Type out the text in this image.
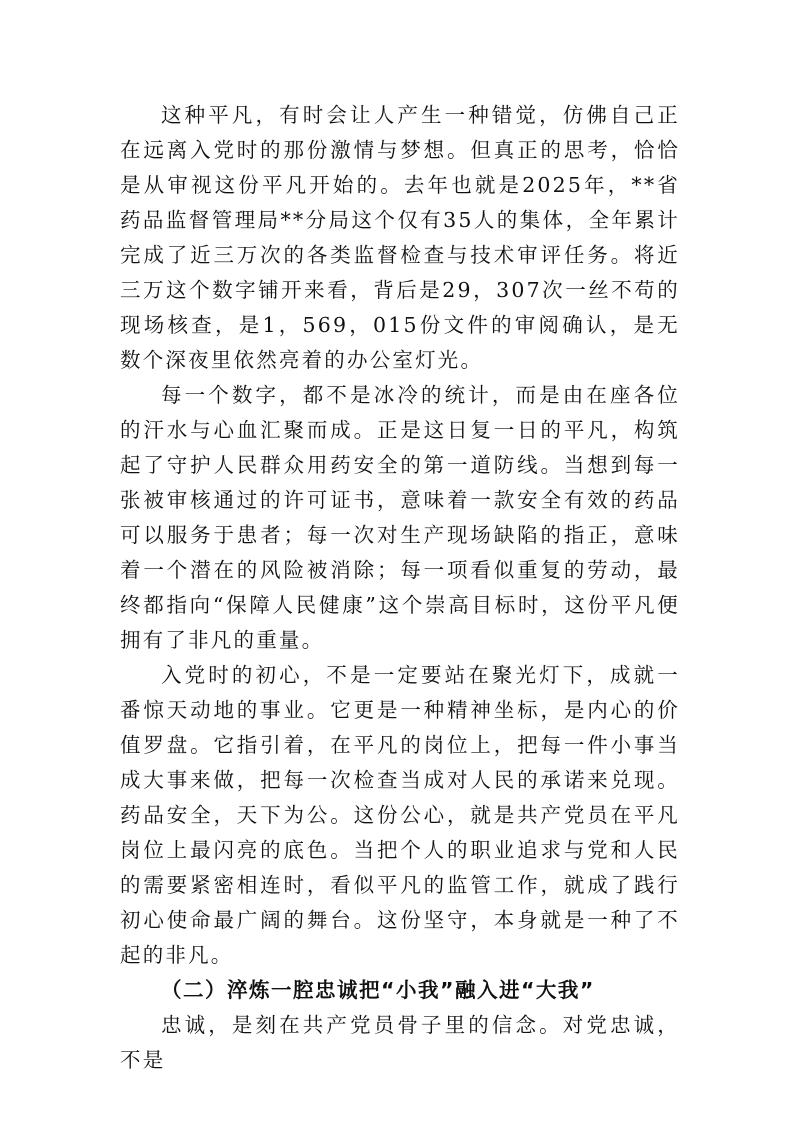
这种平凡，有时会让人产生一种错觉，仿佛自己正在远离入党时的那份激情与梦想。但真正的思考，恰恰是从审视这份平凡开始的。去年也就是2025年，**省药品监督管理局**分局这个仅有35人的集体，全年累计完成了近三万次的各类监督检查与技术审评任务。将近三万这个数字铺开来看，背后是29，307次一丝不苟的现场核查，是1，569，015份文件的审阅确认，是无数个深夜里依然亮着的办公室灯光。

每一个数字，都不是冰冷的统计，而是由在座各位的汗水与心血汇聚而成。正是这日复一日的平凡，构筑起了守护人民群众用药安全的第一道防线。当想到每一张被审核通过的许可证书，意味着一款安全有效的药品可以服务于患者；每一次对生产现场缺陷的指正，意味着一个潜在的风险被消除；每一项看似重复的劳动，最终都指向“保障人民健康”这个崇高目标时，这份平凡便拥有了非凡的重量。

入党时的初心，不是一定要站在聚光灯下，成就一番惊天动地的事业。它更是一种精神坐标，是内心的价值罗盘。它指引着，在平凡的岗位上，把每一件小事当成大事来做，把每一次检查当成对人民的承诺来兑现。药品安全，天下为公。这份公心，就是共产党员在平凡岗位上最闪亮的底色。当把个人的职业追求与党和人民的需要紧密相连时，看似平凡的监管工作，就成了践行初心使命最广阔的舞台。这份坚守，本身就是一种了不起的非凡。

（二）淬炼一腔忠诚把“小我”融入进“大我”

忠诚，是刻在共产党员骨子里的信念。对党忠诚，不是
